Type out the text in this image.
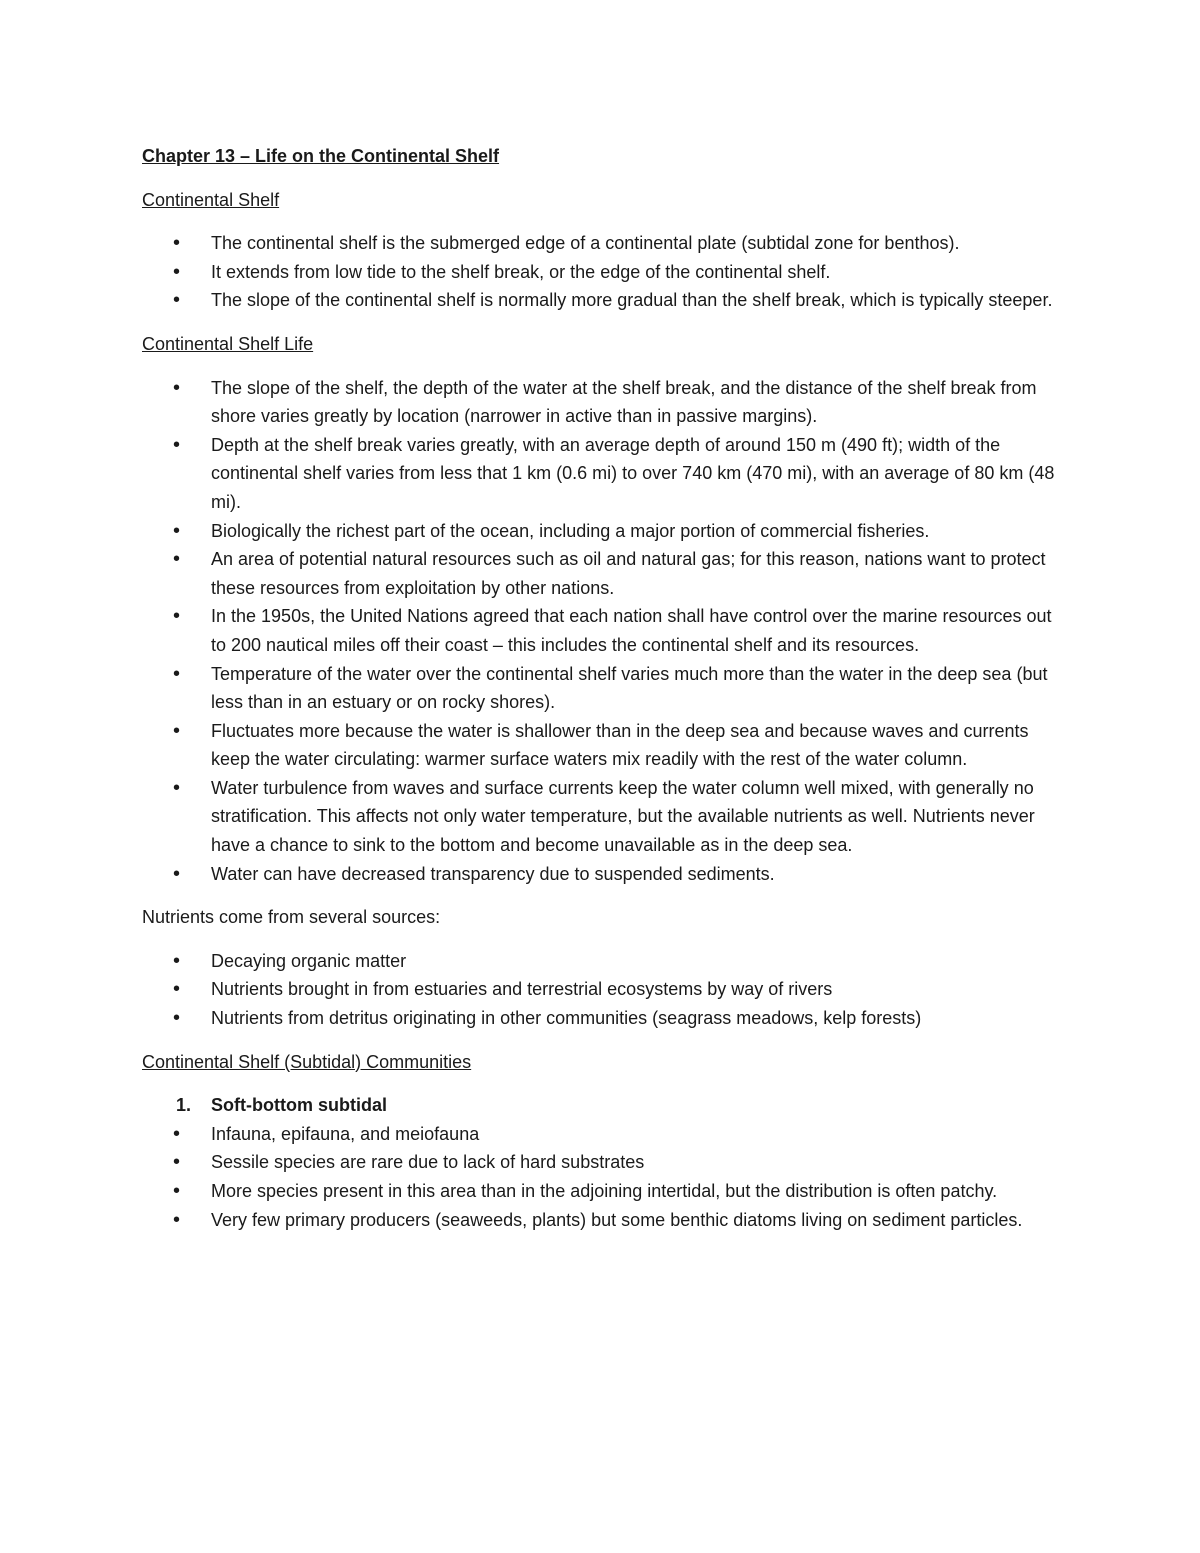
Chapter 13 – Life on the Continental Shelf
Continental Shelf
• The continental shelf is the submerged edge of a continental plate (subtidal zone for benthos).
• It extends from low tide to the shelf break, or the edge of the continental shelf.
• The slope of the continental shelf is normally more gradual than the shelf break, which is typically steeper.
Continental Shelf Life
• The slope of the shelf, the depth of the water at the shelf break, and the distance of the shelf break from shore varies greatly by location (narrower in active than in passive margins).
• Depth at the shelf break varies greatly, with an average depth of around 150 m (490 ft); width of the continental shelf varies from less that 1 km (0.6 mi) to over 740 km (470 mi), with an average of 80 km (48 mi).
• Biologically the richest part of the ocean, including a major portion of commercial fisheries.
• An area of potential natural resources such as oil and natural gas; for this reason, nations want to protect these resources from exploitation by other nations.
• In the 1950s, the United Nations agreed that each nation shall have control over the marine resources out to 200 nautical miles off their coast – this includes the continental shelf and its resources.
• Temperature of the water over the continental shelf varies much more than the water in the deep sea (but less than in an estuary or on rocky shores).
• Fluctuates more because the water is shallower than in the deep sea and because waves and currents keep the water circulating: warmer surface waters mix readily with the rest of the water column.
• Water turbulence from waves and surface currents keep the water column well mixed, with generally no stratification. This affects not only water temperature, but the available nutrients as well. Nutrients never have a chance to sink to the bottom and become unavailable as in the deep sea.
• Water can have decreased transparency due to suspended sediments.
Nutrients come from several sources:
• Decaying organic matter
• Nutrients brought in from estuaries and terrestrial ecosystems by way of rivers
• Nutrients from detritus originating in other communities (seagrass meadows, kelp forests)
Continental Shelf (Subtidal) Communities
1. Soft-bottom subtidal
• Infauna, epifauna, and meiofauna
• Sessile species are rare due to lack of hard substrates
• More species present in this area than in the adjoining intertidal, but the distribution is often patchy.
• Very few primary producers (seaweeds, plants) but some benthic diatoms living on sediment particles.
